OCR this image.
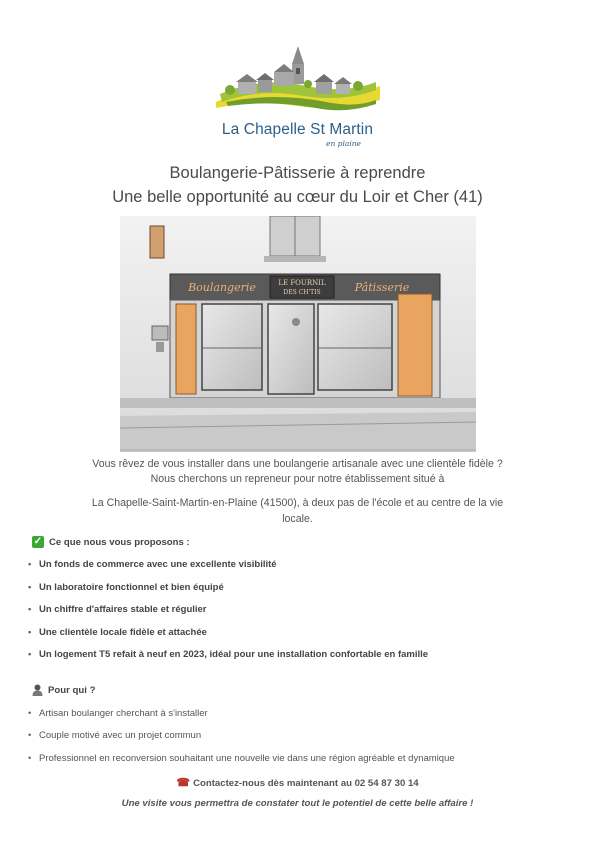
La Chapelle St Martin
en plaine
Boulangerie-Pâtisserie à reprendre
Une belle opportunité au cœur du Loir et Cher (41)
Boulangerie	LE FOURNIL
DES CH'TIS	Pâtisserie
Vous rêvez de vous installer dans une boulangerie artisanale avec une clientèle fidèle ?
Nous cherchons un repreneur pour notre établissement situé à
La Chapelle-Saint-Martin-en-Plaine (41500), à deux pas de l'école et au centre de la vie
locale.
✓ Ce que nous vous proposons :
• Un fonds de commerce avec une excellente visibilité
• Un laboratoire fonctionnel et bien équipé
• Un chiffre d'affaires stable et régulier
• Une clientèle locale fidèle et attachée
• Un logement T5 refait à neuf en 2023, idéal pour une installation confortable en famille
Pour qui ?
• Artisan boulanger cherchant à s'installer
• Couple motivé avec un projet commun
• Professionnel en reconversion souhaitant une nouvelle vie dans une région agréable et dynamique
☎ Contactez-nous dès maintenant au 02 54 87 30 14
Une visite vous permettra de constater tout le potentiel de cette belle affaire !
